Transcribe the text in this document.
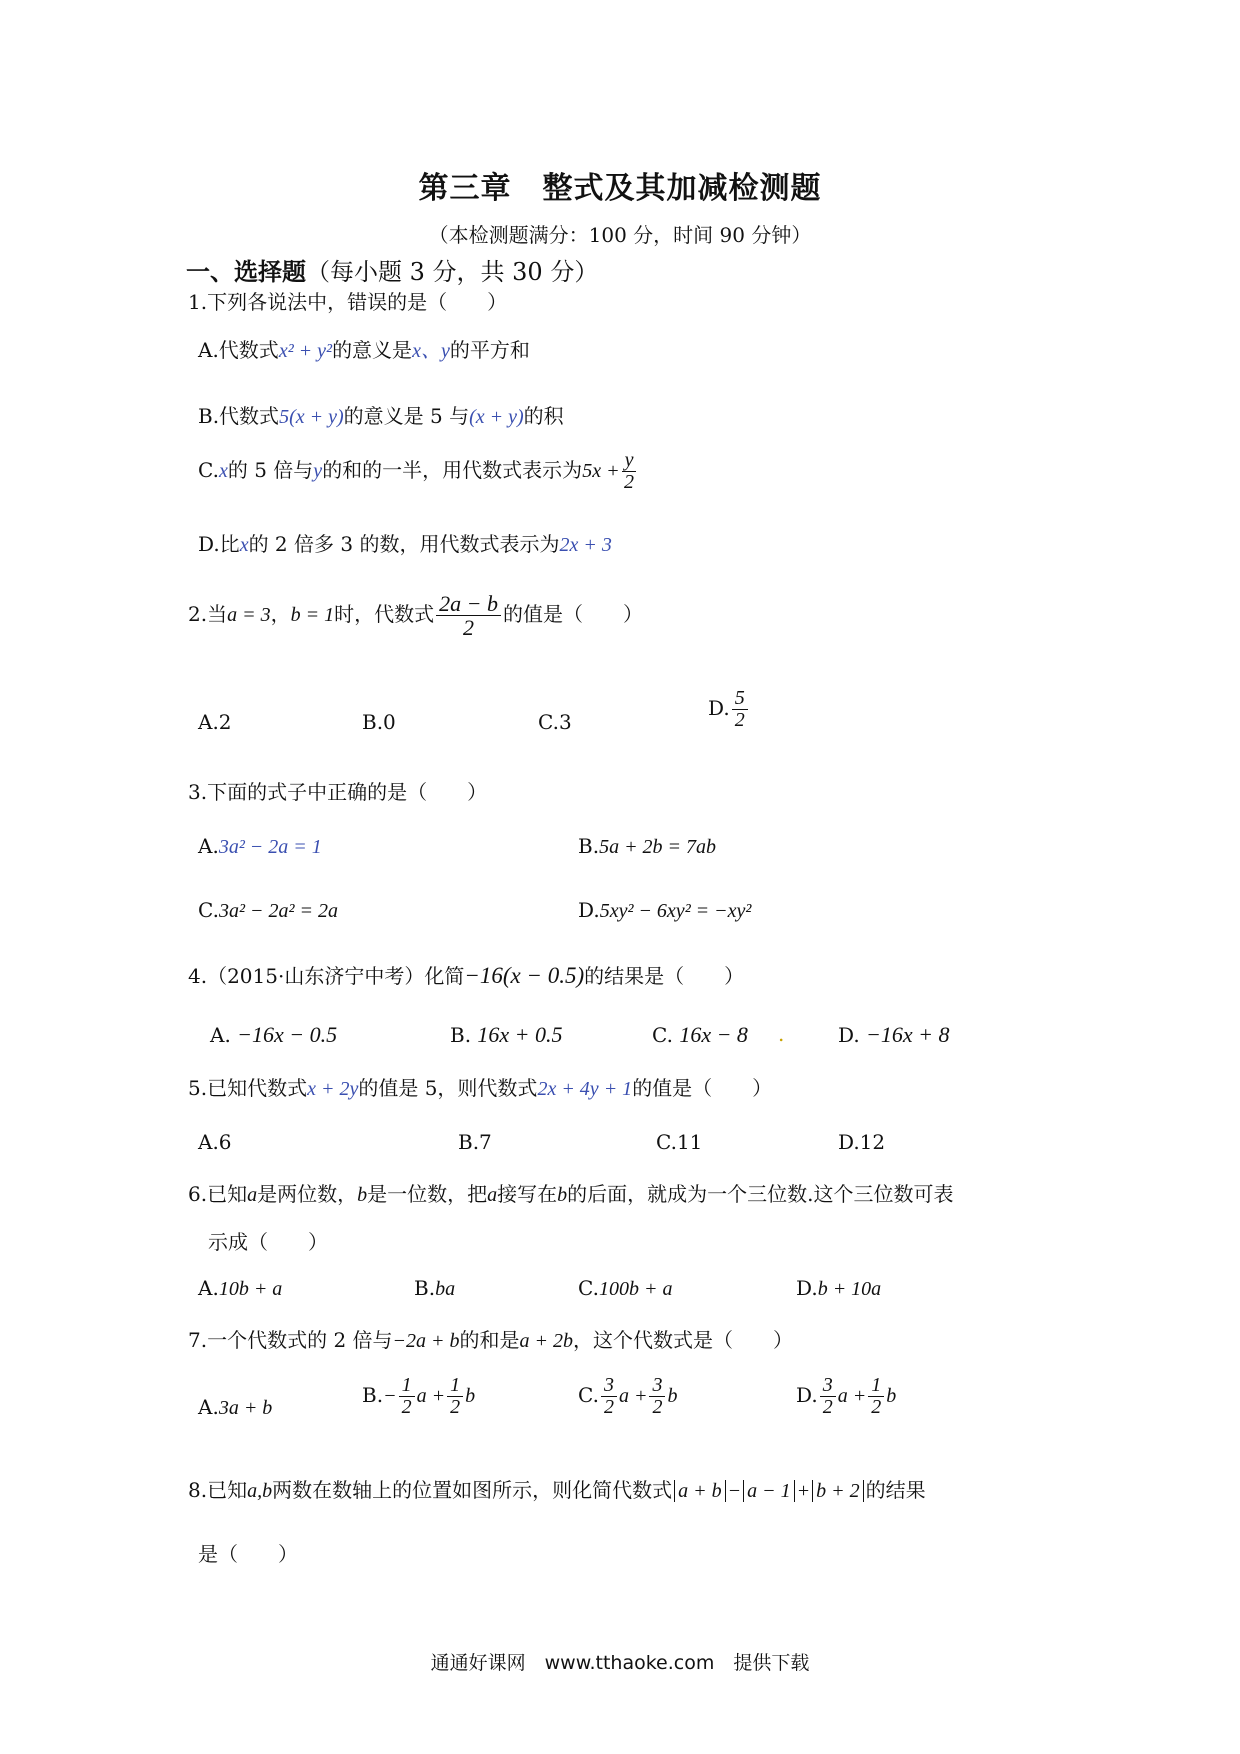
第三章　整式及其加减检测题
（本检测题满分：100 分，时间 90 分钟）
一、选择题（每小题 3 分，共 30 分）
1.下列各说法中，错误的是（　　）
A.代数式x² + y²的意义是x、y的平方和
B.代数式5(x + y)的意义是 5 与(x + y)的积
C.x的 5 倍与y的和的一半，用代数式表示为$5x + \frac{y}{2}$
D.比x的 2 倍多 3 的数，用代数式表示为2x + 3
2.当a = 3，b = 1时，代数式 $\frac{2a - b}{2}$ 的值是（　　）
A.2	B.0	C.3
D. $\frac{5}{2}$
3.下面的式子中正确的是（　　）
A.3a² − 2a = 1	B.5a + 2b = 7ab
C.3a² − 2a² = 2a	D.5xy² − 6xy² = −xy²
4.（2015·山东济宁中考）化简−16(x − 0.5)的结果是（　　）
A. −16x − 0.5	B. 16x + 0.5	C. 16x − 8 .	D. −16x + 8
5.已知代数式x + 2y的值是 5，则代数式2x + 4y + 1的值是（　　）
A.6	B.7	C.11	D.12
6.已知a是两位数，b是一位数，把a接写在b的后面，就成为一个三位数.这个三位数可表
示成（　　）
A.10b + a	B.ba	C.100b + a	D.b + 10a
7.一个代数式的 2 倍与−2a + b的和是a + 2b，这个代数式是（　　）
A.3a + b
$B.- \frac{1}{2}$ $a + \frac{1}{2}$ b	C. $\frac{3}{2}$ $a + \frac{3}{2}$ b	D. $\frac{3}{2}$ $a + \frac{1}{2}$ b
8.已知a,b两数在数轴上的位置如图所示，则化简代数式 a + b − a − 1 + b + 2 的结果
是（　　）
通通好课网　www.tthaoke.com　提供下载
